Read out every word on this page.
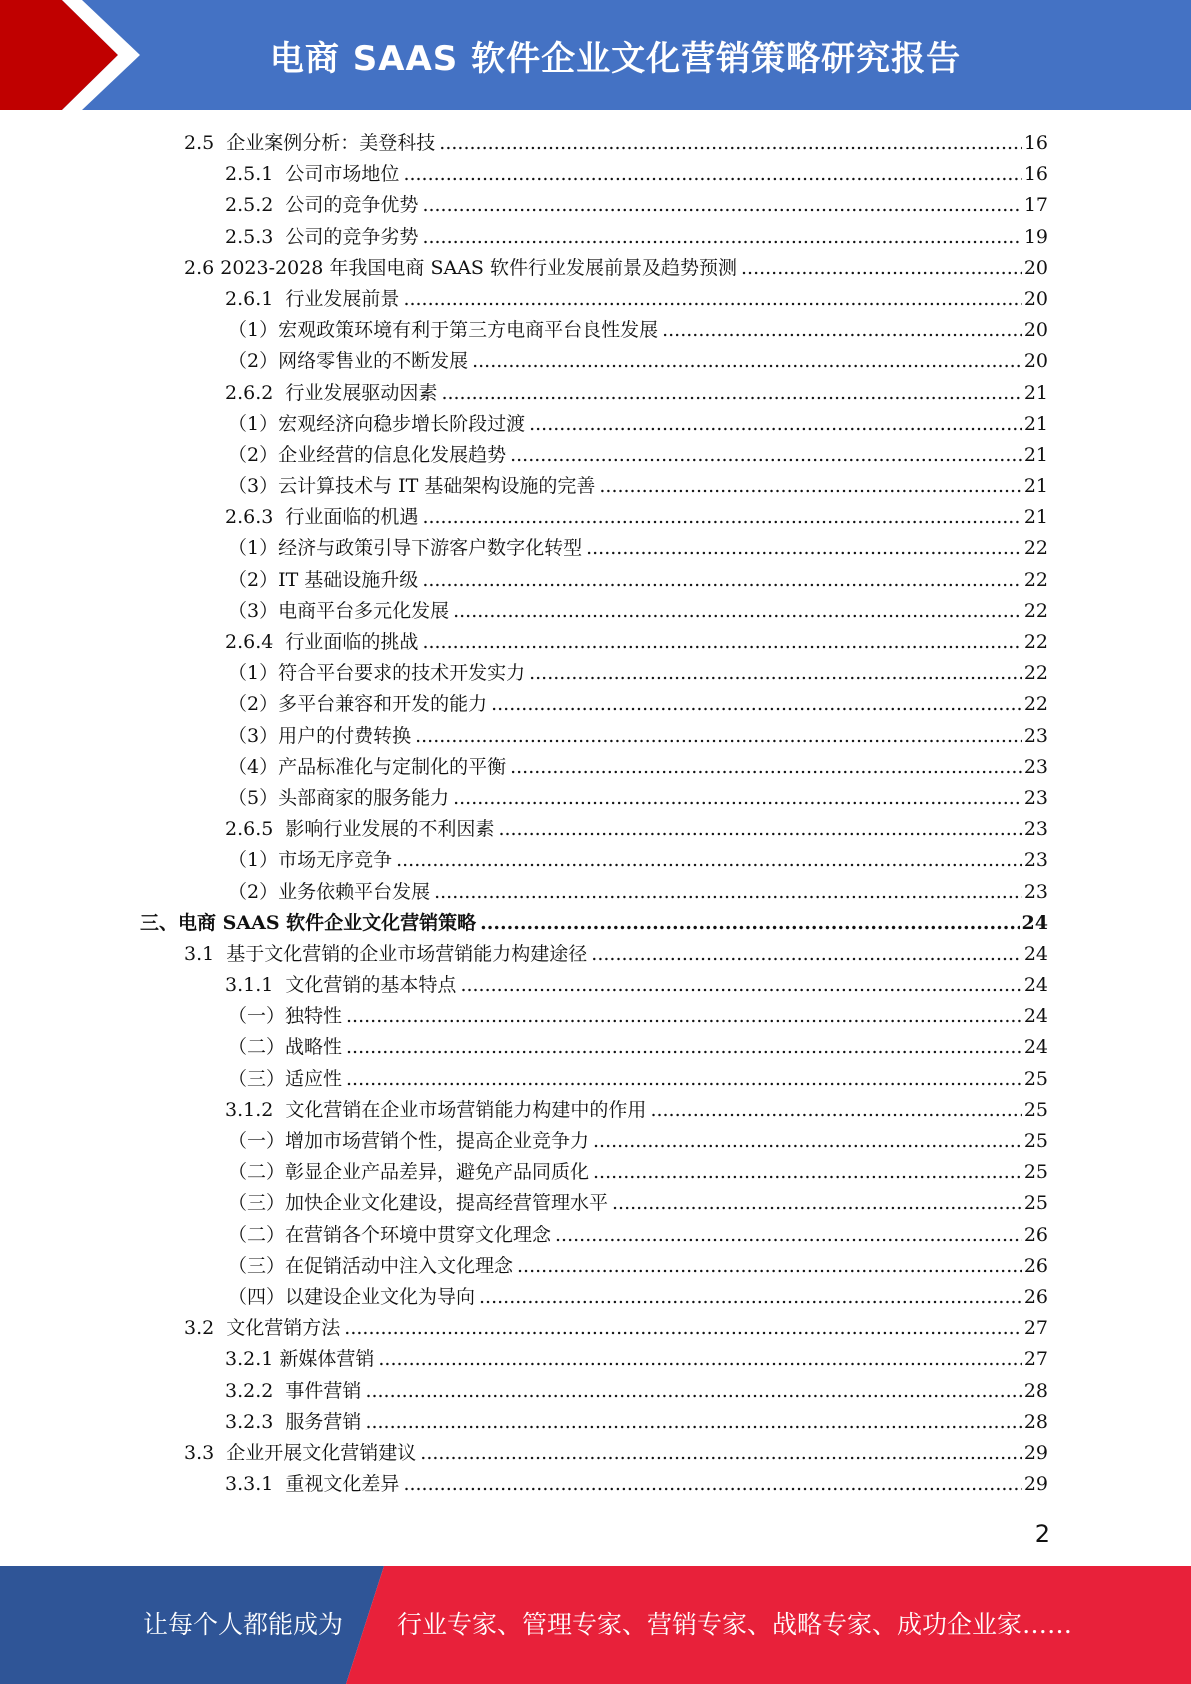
电商 SAAS 软件企业文化营销策略研究报告
2.5  企业案例分析：美登科技 .....	16
2.5.1  公司市场地位 .....	16
2.5.2  公司的竞争优势 .....	17
2.5.3  公司的竞争劣势 .....	19
2.6 2023-2028 年我国电商 SAAS 软件行业发展前景及趋势预测 .....	20
2.6.1  行业发展前景 .....	20
（1）宏观政策环境有利于第三方电商平台良性发展 .....	20
（2）网络零售业的不断发展 .....	20
2.6.2  行业发展驱动因素 .....	21
（1）宏观经济向稳步增长阶段过渡 .....	21
（2）企业经营的信息化发展趋势 .....	21
（3）云计算技术与 IT 基础架构设施的完善 .....	21
2.6.3  行业面临的机遇 .....	21
（1）经济与政策引导下游客户数字化转型 .....	22
（2）IT 基础设施升级 .....	22
（3）电商平台多元化发展 .....	22
2.6.4  行业面临的挑战 .....	22
（1）符合平台要求的技术开发实力 .....	22
（2）多平台兼容和开发的能力 .....	22
（3）用户的付费转换 .....	23
（4）产品标准化与定制化的平衡 .....	23
（5）头部商家的服务能力 .....	23
2.6.5  影响行业发展的不利因素 .....	23
（1）市场无序竞争 .....	23
（2）业务依赖平台发展 .....	23
三、电商 SAAS 软件企业文化营销策略 .....	24
3.1  基于文化营销的企业市场营销能力构建途径 .....	24
3.1.1  文化营销的基本特点 .....	24
（一）独特性 .....	24
（二）战略性 .....	24
（三）适应性 .....	25
3.1.2  文化营销在企业市场营销能力构建中的作用 .....	25
（一）增加市场营销个性，提高企业竞争力 .....	25
（二）彰显企业产品差异，避免产品同质化 .....	25
（三）加快企业文化建设，提高经营管理水平 .....	25
（二）在营销各个环境中贯穿文化理念 .....	26
（三）在促销活动中注入文化理念 .....	26
（四）以建设企业文化为导向 .....	26
3.2  文化营销方法 .....	27
3.2.1 新媒体营销 .....	27
3.2.2  事件营销 .....	28
3.2.3  服务营销 .....	28
3.3  企业开展文化营销建议 .....	29
3.3.1  重视文化差异 .....	29
2
让每个人都能成为 行业专家、管理专家、营销专家、战略专家、成功企业家……
